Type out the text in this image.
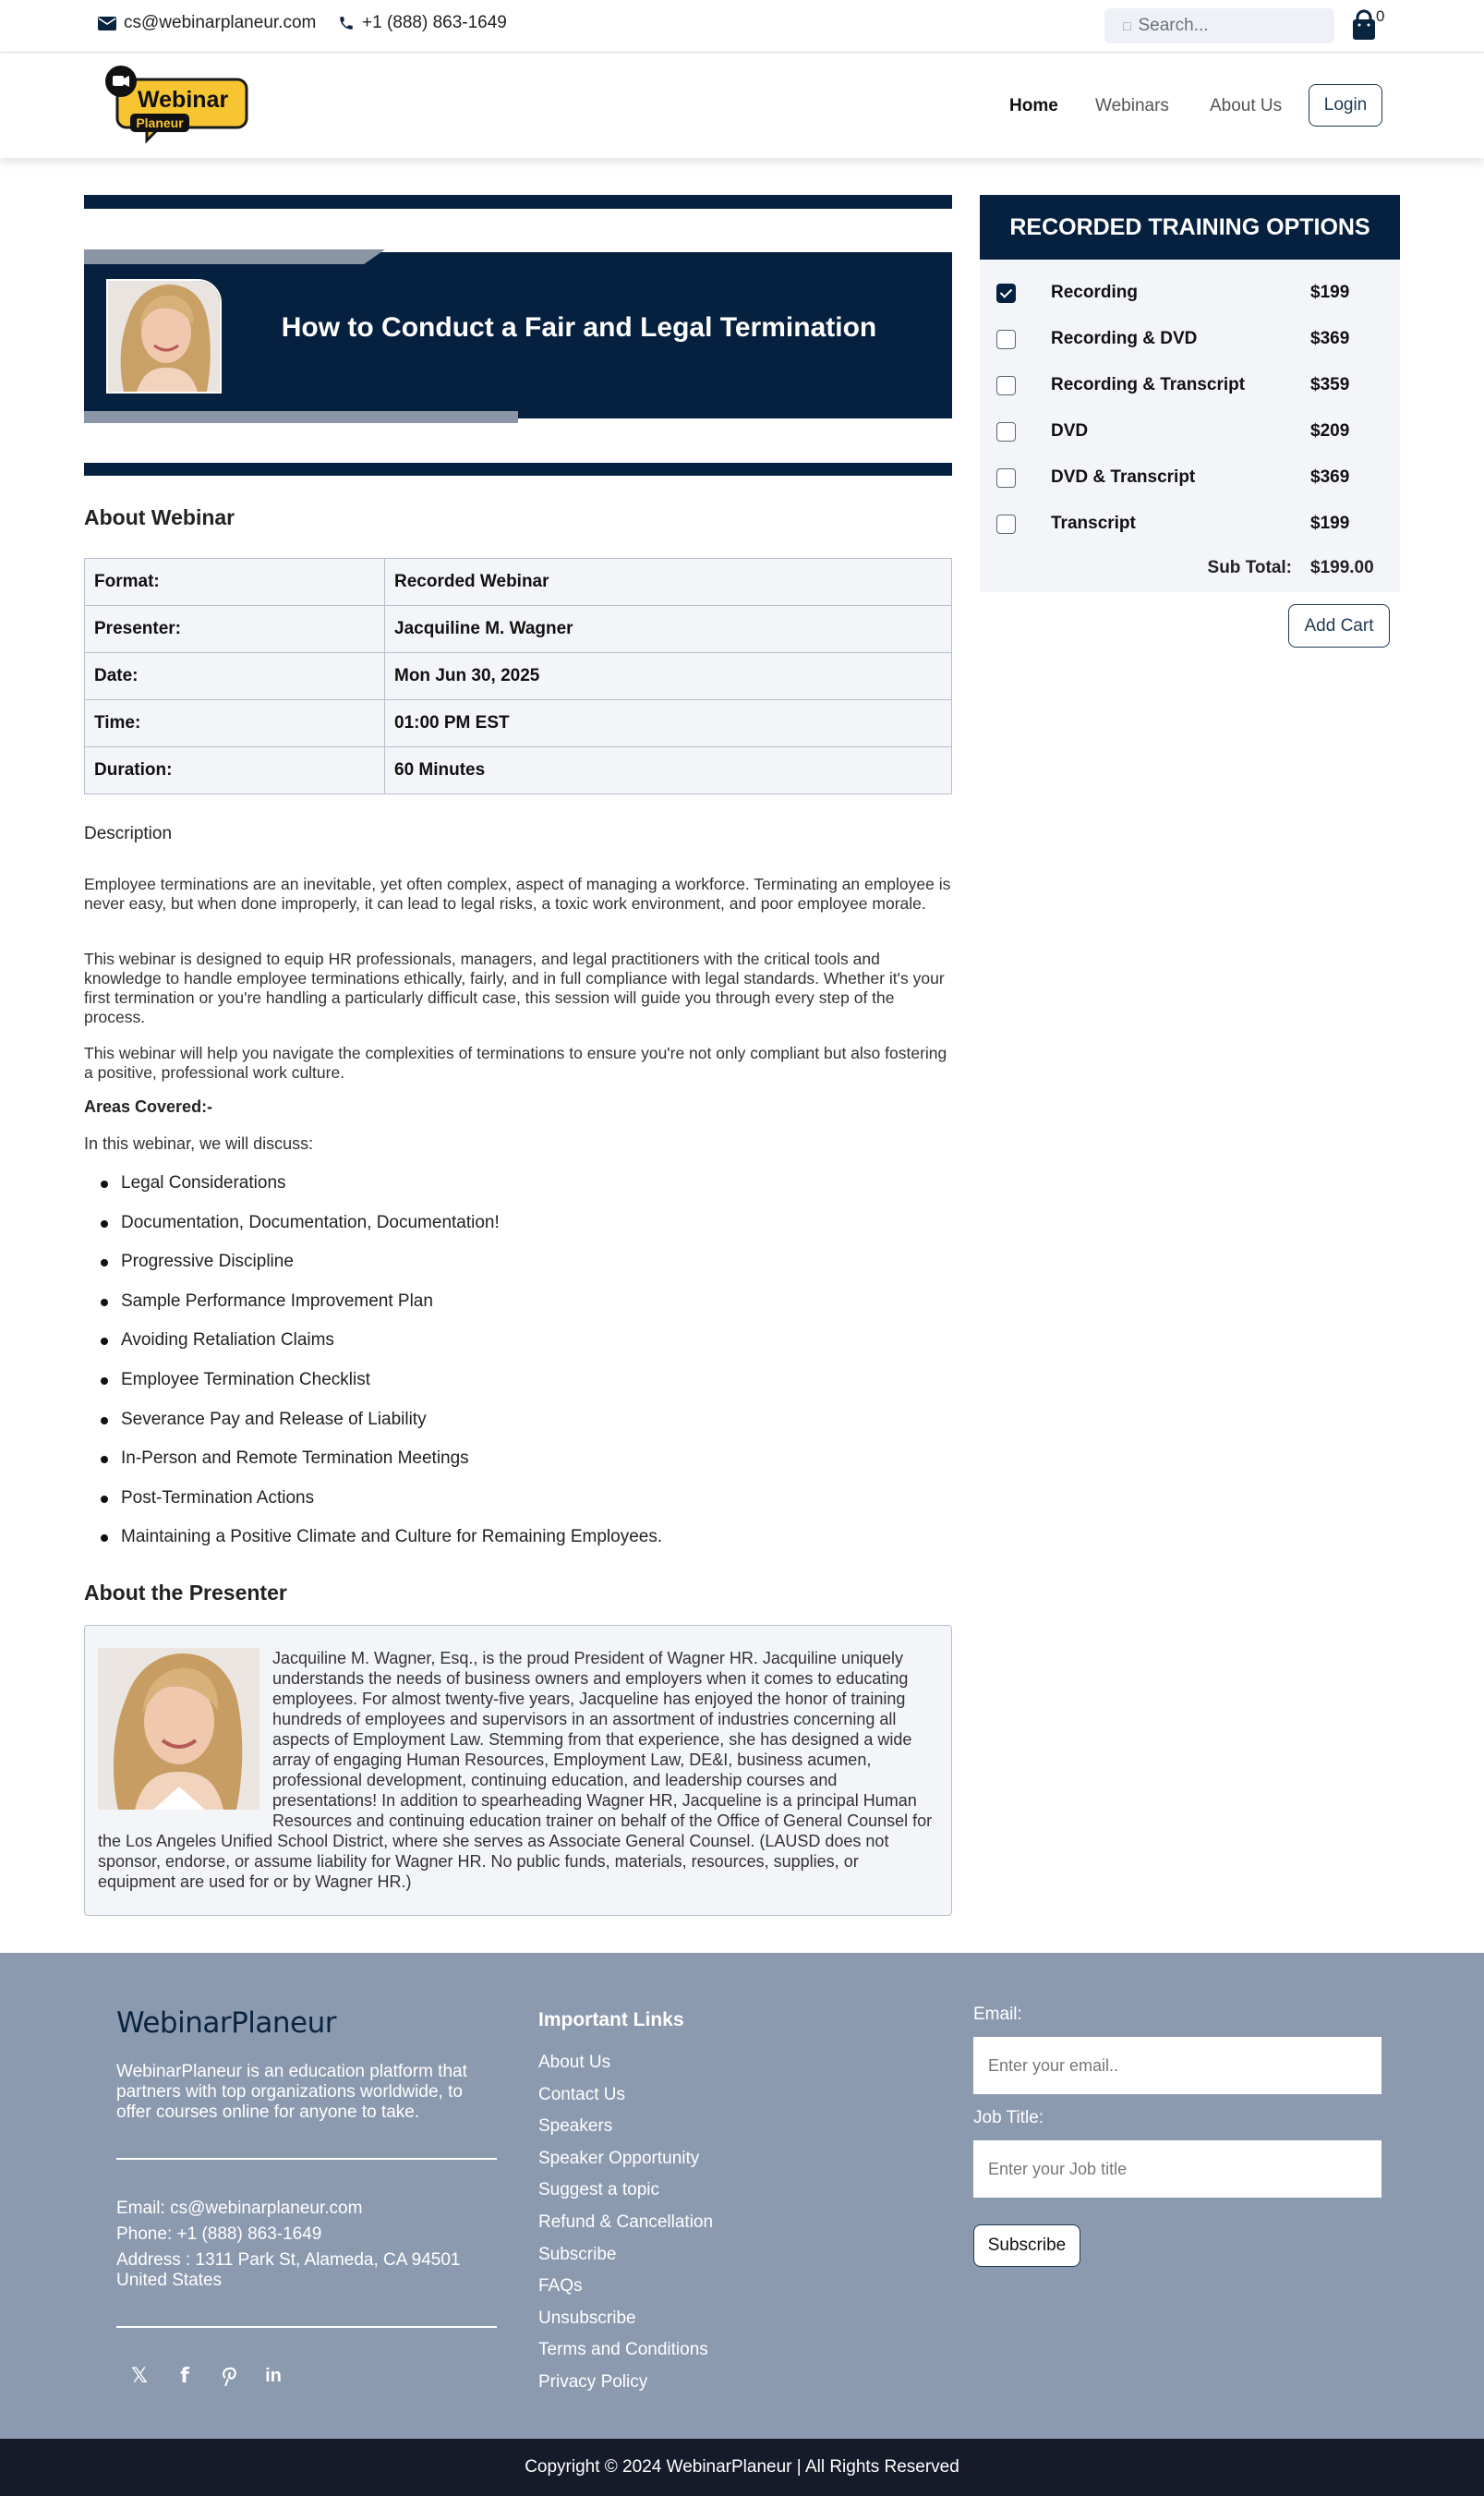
cs@webinarplaneur.com	+1 (888) 863-1649	□ Search...	0
Webinar
Planeur
Home Webinars About Us	Login
How to Conduct a Fair and Legal Termination
About Webinar
Format:	Recorded Webinar
Presenter:	Jacquiline M. Wagner
Date:	Mon Jun 30, 2025
Time:	01:00 PM EST
Duration:	60 Minutes
Description

Employee terminations are an inevitable, yet often complex, aspect of managing a workforce. Terminating an employee is never easy, but when done improperly, it can lead to legal risks, a toxic work environment, and poor employee morale.

This webinar is designed to equip HR professionals, managers, and legal practitioners with the critical tools and knowledge to handle employee terminations ethically, fairly, and in full compliance with legal standards. Whether it's your first termination or you're handling a particularly difficult case, this session will guide you through every step of the process.

This webinar will help you navigate the complexities of terminations to ensure you're not only compliant but also fostering a positive, professional work culture.

Areas Covered:-
In this webinar, we will discuss:
Legal Considerations
Documentation, Documentation, Documentation!
Progressive Discipline
Sample Performance Improvement Plan
Avoiding Retaliation Claims
Employee Termination Checklist
Severance Pay and Release of Liability
In-Person and Remote Termination Meetings
Post-Termination Actions
Maintaining a Positive Climate and Culture for Remaining Employees.
About the Presenter
Jacquiline M. Wagner, Esq., is the proud President of Wagner HR. Jacquiline uniquely understands the needs of business owners and employers when it comes to educating employees. For almost twenty-five years, Jacqueline has enjoyed the honor of training hundreds of employees and supervisors in an assortment of industries concerning all aspects of Employment Law. Stemming from that experience, she has designed a wide array of engaging Human Resources, Employment Law, DE&I, business acumen, professional development, continuing education, and leadership courses and presentations! In addition to spearheading Wagner HR, Jacqueline is a principal Human Resources and continuing education trainer on behalf of the Office of General Counsel for the Los Angeles Unified School District, where she serves as Associate General Counsel. (LAUSD does not sponsor, endorse, or assume liability for Wagner HR. No public funds, materials, resources, supplies, or equipment are used for or by Wagner HR.)
RECORDED TRAINING OPTIONS
Recording	$199
Recording & DVD	$369
Recording & Transcript	$359
DVD	$209
DVD & Transcript	$369
Transcript	$199
Sub Total: $199.00
Add Cart
WebinarPlaneur

WebinarPlaneur is an education platform that partners with top organizations worldwide, to offer courses online for anyone to take.

Email: cs@webinarplaneur.com
Phone: +1 (888) 863-1649
Address : 1311 Park St, Alameda, CA 94501 United States
𝕏	f	in
Important Links
About Us
Contact Us
Speakers
Speaker Opportunity
Suggest a topic
Refund & Cancellation
Subscribe
FAQs
Unsubscribe
Terms and Conditions
Privacy Policy
Email:
Enter your email..
Job Title:
Enter your Job title
Subscribe
Copyright © 2024 WebinarPlaneur | All Rights Reserved
